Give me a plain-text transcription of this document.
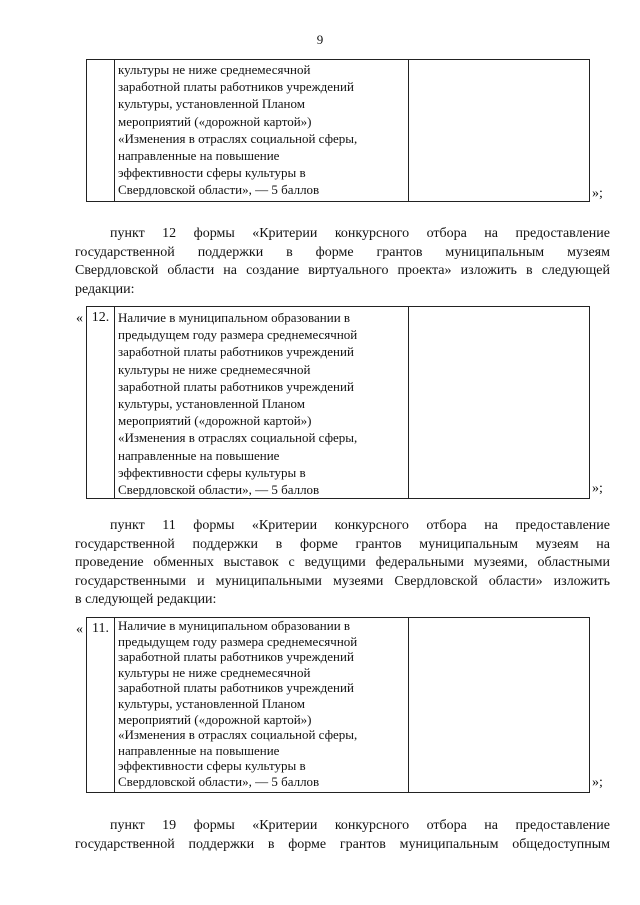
9
культуры не ниже среднемесячной
заработной платы работников учреждений
культуры, установленной Планом
мероприятий («дорожной картой»)
«Изменения в отраслях социальной сферы,
направленные на повышение
эффективности сферы культуры в
Свердловской области», — 5 баллов	»;

пункт 12 формы «Критерии конкурсного отбора на предоставление
государственной поддержки в форме грантов муниципальным музеям
Свердловской области на создание виртуального проекта» изложить в следующей
редакции:

« 12. Наличие в муниципальном образовании в
предыдущем году размера среднемесячной
заработной платы работников учреждений
культуры не ниже среднемесячной
заработной платы работников учреждений
культуры, установленной Планом
мероприятий («дорожной картой»)
«Изменения в отраслях социальной сферы,
направленные на повышение
эффективности сферы культуры в
Свердловской области», — 5 баллов	»;

пункт 11 формы «Критерии конкурсного отбора на предоставление
государственной поддержки в форме грантов муниципальным музеям на
проведение обменных выставок с ведущими федеральными музеями, областными
государственными и муниципальными музеями Свердловской области» изложить
в следующей редакции:

« 11. Наличие в муниципальном образовании в
предыдущем году размера среднемесячной
заработной платы работников учреждений
культуры не ниже среднемесячной
заработной платы работников учреждений
культуры, установленной Планом
мероприятий («дорожной картой»)
«Изменения в отраслях социальной сферы,
направленные на повышение
эффективности сферы культуры в
Свердловской области», — 5 баллов	»;

пункт 19 формы «Критерии конкурсного отбора на предоставление
государственной поддержки в форме грантов муниципальным общедоступным
